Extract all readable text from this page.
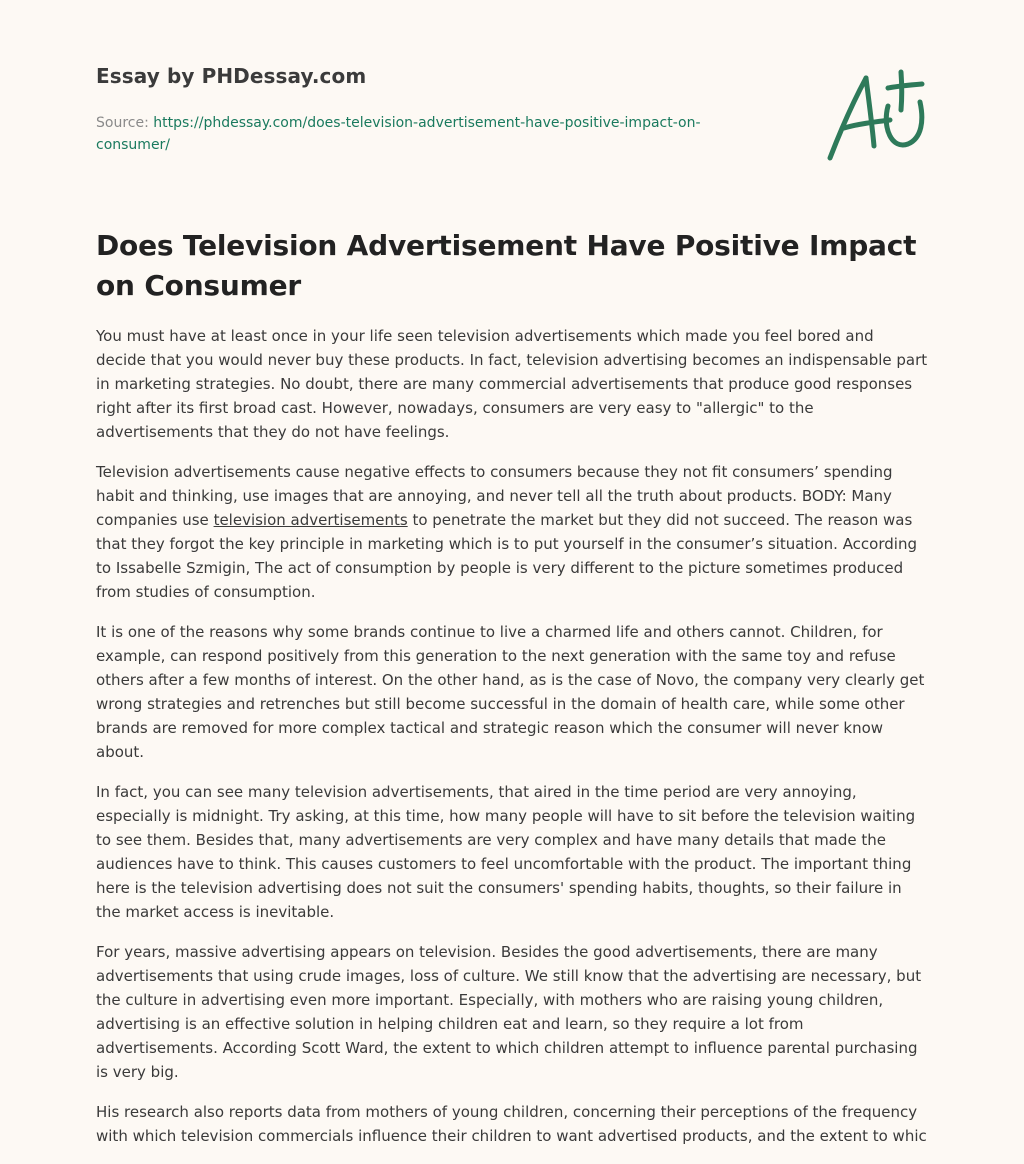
Essay by PHDessay.com

Source: https://phdessay.com/does-television-advertisement-have-positive-impact-on-consumer/

Does Television Advertisement Have Positive Impact on Consumer

You must have at least once in your life seen television advertisements which made you feel bored and decide that you would never buy these products. In fact, television advertising becomes an indispensable part in marketing strategies. No doubt, there are many commercial advertisements that produce good responses right after its first broad cast. However, nowadays, consumers are very easy to "allergic" to the advertisements that they do not have feelings.

Television advertisements cause negative effects to consumers because they not fit consumers’ spending habit and thinking, use images that are annoying, and never tell all the truth about products. BODY: Many companies use television advertisements to penetrate the market but they did not succeed. The reason was that they forgot the key principle in marketing which is to put yourself in the consumer’s situation. According to Issabelle Szmigin, The act of consumption by people is very different to the picture sometimes produced from studies of consumption.

It is one of the reasons why some brands continue to live a charmed life and others cannot. Children, for example, can respond positively from this generation to the next generation with the same toy and refuse others after a few months of interest. On the other hand, as is the case of Novo, the company very clearly get wrong strategies and retrenches but still become successful in the domain of health care, while some other brands are removed for more complex tactical and strategic reason which the consumer will never know about.

In fact, you can see many television advertisements, that aired in the time period are very annoying, especially is midnight. Try asking, at this time, how many people will have to sit before the television waiting to see them. Besides that, many advertisements are very complex and have many details that made the audiences have to think. This causes customers to feel uncomfortable with the product. The important thing here is the television advertising does not suit the consumers' spending habits, thoughts, so their failure in the market access is inevitable.

For years, massive advertising appears on television. Besides the good advertisements, there are many advertisements that using crude images, loss of culture. We still know that the advertising are necessary, but the culture in advertising even more important. Especially, with mothers who are raising young children, advertising is an effective solution in helping children eat and learn, so they require a lot from advertisements. According Scott Ward, the extent to which children attempt to influence parental purchasing is very big.

His research also reports data from mothers of young children, concerning their perceptions of the frequency with which television commercials influence their children to want advertised products, and the extent to whic
